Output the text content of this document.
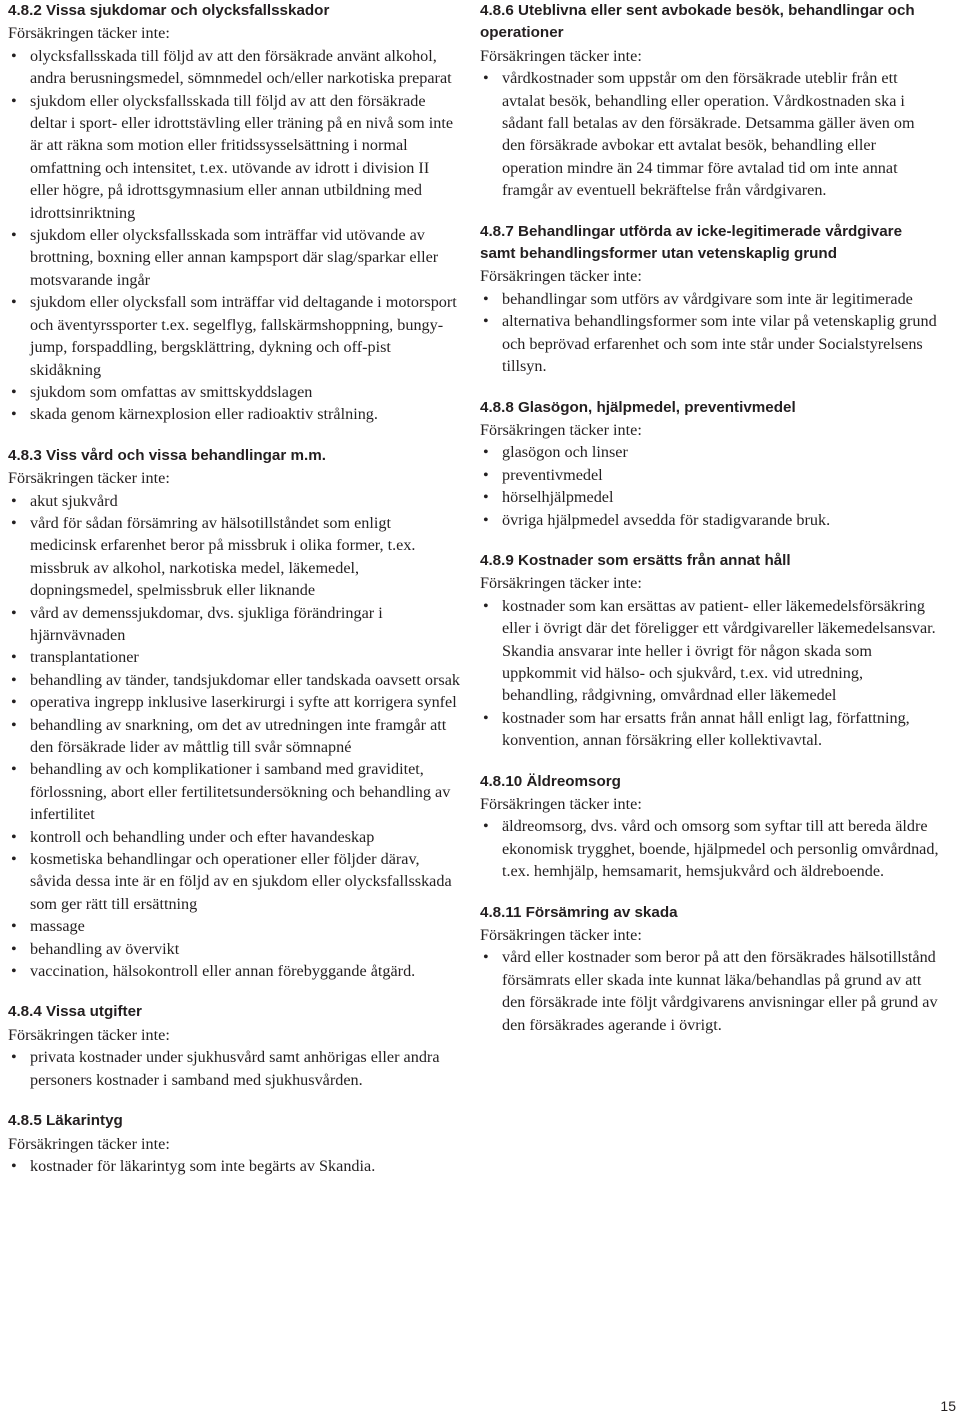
4.8.2 Vissa sjukdomar och olycksfallsskador
Försäkringen täcker inte:
• olycksfallsskada till följd av att den försäkrade använt alkohol, andra berusningsmedel, sömnmedel och/eller narkotiska preparat
• sjukdom eller olycksfallsskada till följd av att den försäkrade deltar i sport- eller idrottstävling eller träning på en nivå som inte är att räkna som motion eller fritidssysselsättning i normal omfattning och intensitet, t.ex. utövande av idrott i division II eller högre, på idrottsgymnasium eller annan utbildning med idrottsinriktning
• sjukdom eller olycksfallsskada som inträffar vid utövande av brottning, boxning eller annan kampsport där slag/sparkar eller motsvarande ingår
• sjukdom eller olycksfall som inträffar vid deltagande i motorsport och äventyrssporter t.ex. segelflyg, fallskärmshoppning, bungy-jump, forspaddling, bergsklättring, dykning och off-pist skidåkning
• sjukdom som omfattas av smittskyddslagen
• skada genom kärnexplosion eller radioaktiv strålning.
4.8.3 Viss vård och vissa behandlingar m.m.
Försäkringen täcker inte:
• akut sjukvård
• vård för sådan försämring av hälsotillståndet som enligt medicinsk erfarenhet beror på missbruk i olika former, t.ex. missbruk av alkohol, narkotiska medel, läkemedel, dopningsmedel, spelmissbruk eller liknande
• vård av demenssjukdomar, dvs. sjukliga förändringar i hjärnvävnaden
• transplantationer
• behandling av tänder, tandsjukdomar eller tandskada oavsett orsak
• operativa ingrepp inklusive laserkirurgi i syfte att korrigera synfel
• behandling av snarkning, om det av utredningen inte framgår att den försäkrade lider av måttlig till svår sömnapné
• behandling av och komplikationer i samband med graviditet, förlossning, abort eller fertilitetsundersökning och behandling av infertilitet
• kontroll och behandling under och efter havandeskap
• kosmetiska behandlingar och operationer eller följder därav, såvida dessa inte är en följd av en sjukdom eller olycksfallsskada som ger rätt till ersättning
• massage
• behandling av övervikt
• vaccination, hälsokontroll eller annan förebyggande åtgärd.
4.8.4 Vissa utgifter
Försäkringen täcker inte:
• privata kostnader under sjukhusvård samt anhörigas eller andra personers kostnader i samband med sjukhusvården.
4.8.5 Läkarintyg
Försäkringen täcker inte:
• kostnader för läkarintyg som inte begärts av Skandia.
4.8.6 Uteblivna eller sent avbokade besök, behandlingar och operationer
Försäkringen täcker inte:
• vårdkostnader som uppstår om den försäkrade uteblir från ett avtalat besök, behandling eller operation. Vårdkostnaden ska i sådant fall betalas av den försäkrade. Detsamma gäller även om den försäkrade avbokar ett avtalat besök, behandling eller operation mindre än 24 timmar före avtalad tid om inte annat framgår av eventuell bekräftelse från vårdgivaren.
4.8.7 Behandlingar utförda av icke-legitimerade vårdgivare samt behandlingsformer utan vetenskaplig grund
Försäkringen täcker inte:
• behandlingar som utförs av vårdgivare som inte är legitimerade
• alternativa behandlingsformer som inte vilar på vetenskaplig grund och beprövad erfarenhet och som inte står under Socialstyrelsens tillsyn.
4.8.8 Glasögon, hjälpmedel, preventivmedel
Försäkringen täcker inte:
• glasögon och linser
• preventivmedel
• hörselhjälpmedel
• övriga hjälpmedel avsedda för stadigvarande bruk.
4.8.9 Kostnader som ersätts från annat håll
Försäkringen täcker inte:
• kostnader som kan ersättas av patient- eller läkemedelsförsäkring eller i övrigt där det föreligger ett vårdgivareller läkemedelsansvar. Skandia ansvarar inte heller i övrigt för någon skada som uppkommit vid hälso- och sjukvård, t.ex. vid utredning, behandling, rådgivning, omvårdnad eller läkemedel
• kostnader som har ersatts från annat håll enligt lag, författning, konvention, annan försäkring eller kollektivavtal.
4.8.10 Äldreomsorg
Försäkringen täcker inte:
• äldreomsorg, dvs. vård och omsorg som syftar till att bereda äldre ekonomisk trygghet, boende, hjälpmedel och personlig omvårdnad, t.ex. hemhjälp, hemsamarit, hemsjukvård och äldreboende.
4.8.11 Försämring av skada
Försäkringen täcker inte:
• vård eller kostnader som beror på att den försäkrades hälsotillstånd försämrats eller skada inte kunnat läka/behandlas på grund av att den försäkrade inte följt vårdgivarens anvisningar eller på grund av den försäkrades agerande i övrigt.
15
